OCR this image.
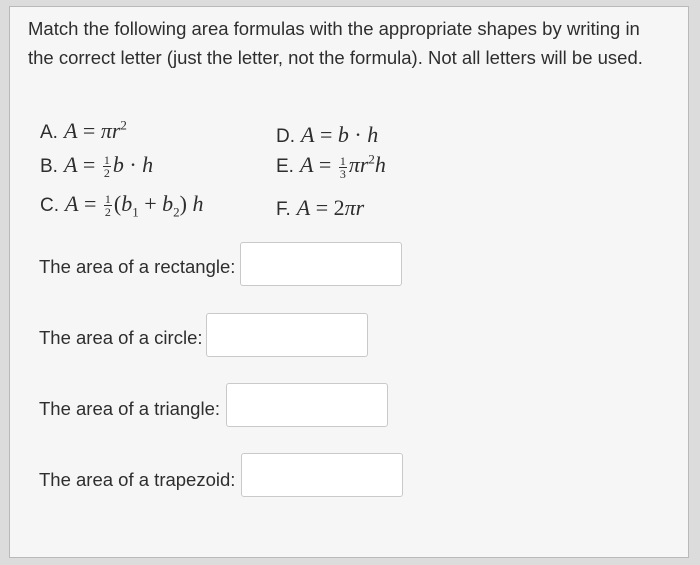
Match the following area formulas with the appropriate shapes by writing in the correct letter (just the letter, not the formula). Not all letters will be used.

A. $A = \pi r^2$
B. $A = \frac{1}{2}$ b · h
C. $A = \frac{1}{2} (b_1 + b_2)$ h
D. A = b · h
E. $A = \frac{1}{3} \pi r^2h$
F. A = 2πr
The area of a rectangle:
The area of a circle:
The area of a triangle:
The area of a trapezoid:
